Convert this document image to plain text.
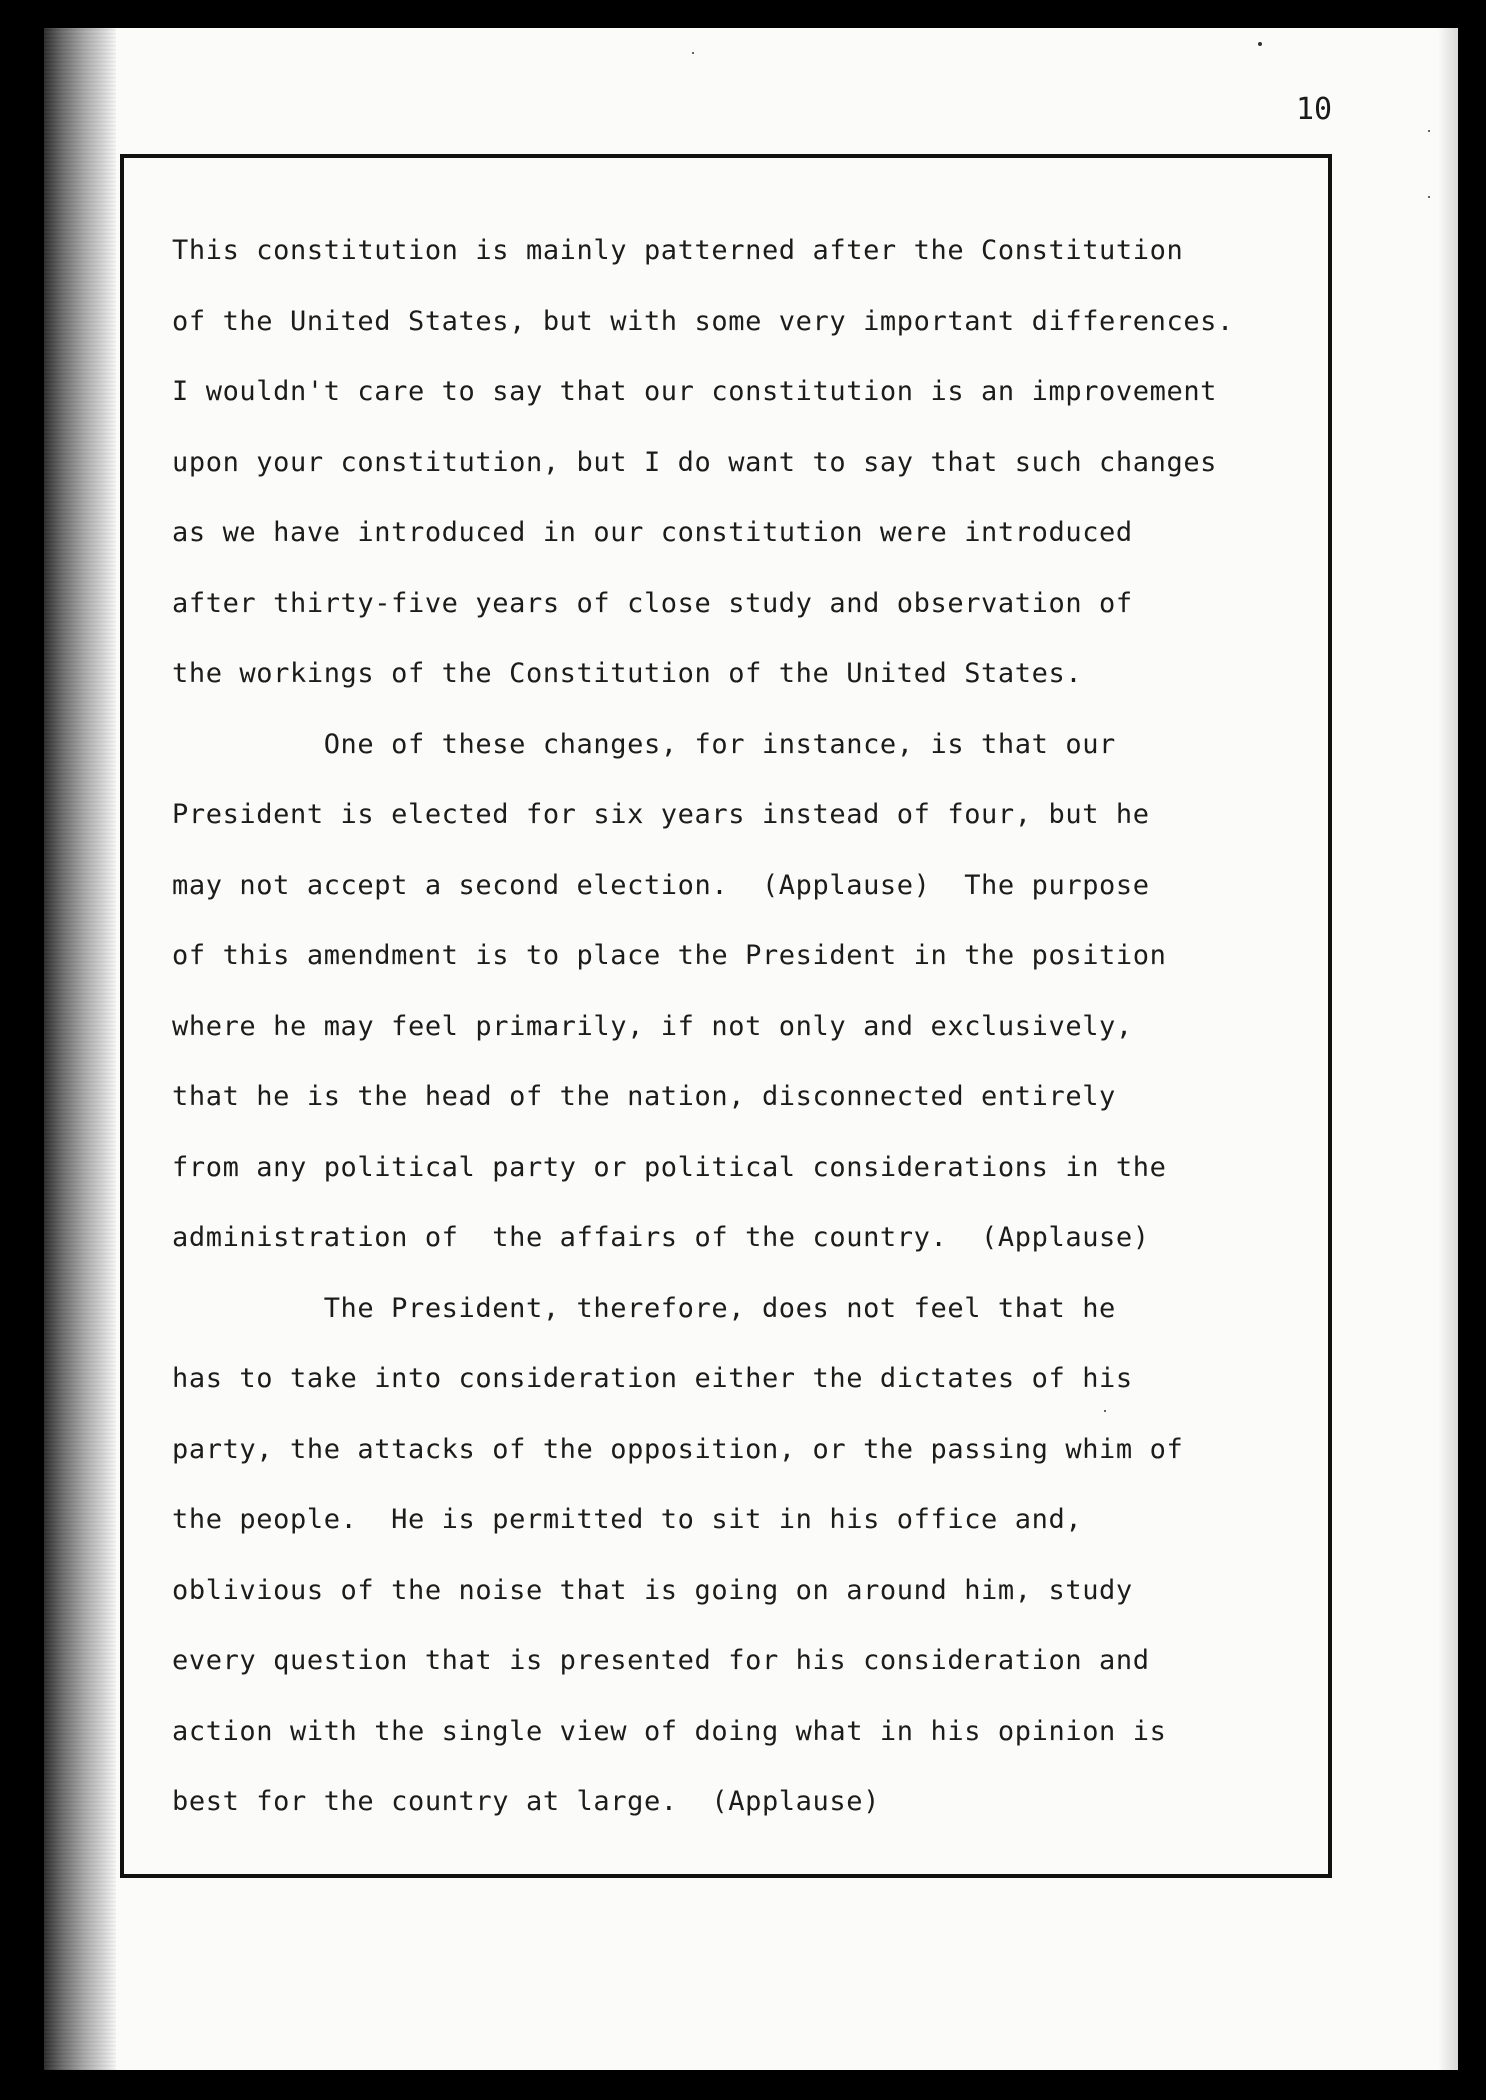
10
This constitution is mainly patterned after the Constitution
of the United States, but with some very important differences.
I wouldn't care to say that our constitution is an improvement
upon your constitution, but I do want to say that such changes
as we have introduced in our constitution were introduced
after thirty-five years of close study and observation of
the workings of the Constitution of the United States.
One of these changes, for instance, is that our
President is elected for six years instead of four, but he
may not accept a second election.  (Applause)  The purpose
of this amendment is to place the President in the position
where he may feel primarily, if not only and exclusively,
that he is the head of the nation, disconnected entirely
from any political party or political considerations in the
administration of  the affairs of the country.  (Applause)
The President, therefore, does not feel that he
has to take into consideration either the dictates of his
party, the attacks of the opposition, or the passing whim of
the people.  He is permitted to sit in his office and,
oblivious of the noise that is going on around him, study
every question that is presented for his consideration and
action with the single view of doing what in his opinion is
best for the country at large.  (Applause)
